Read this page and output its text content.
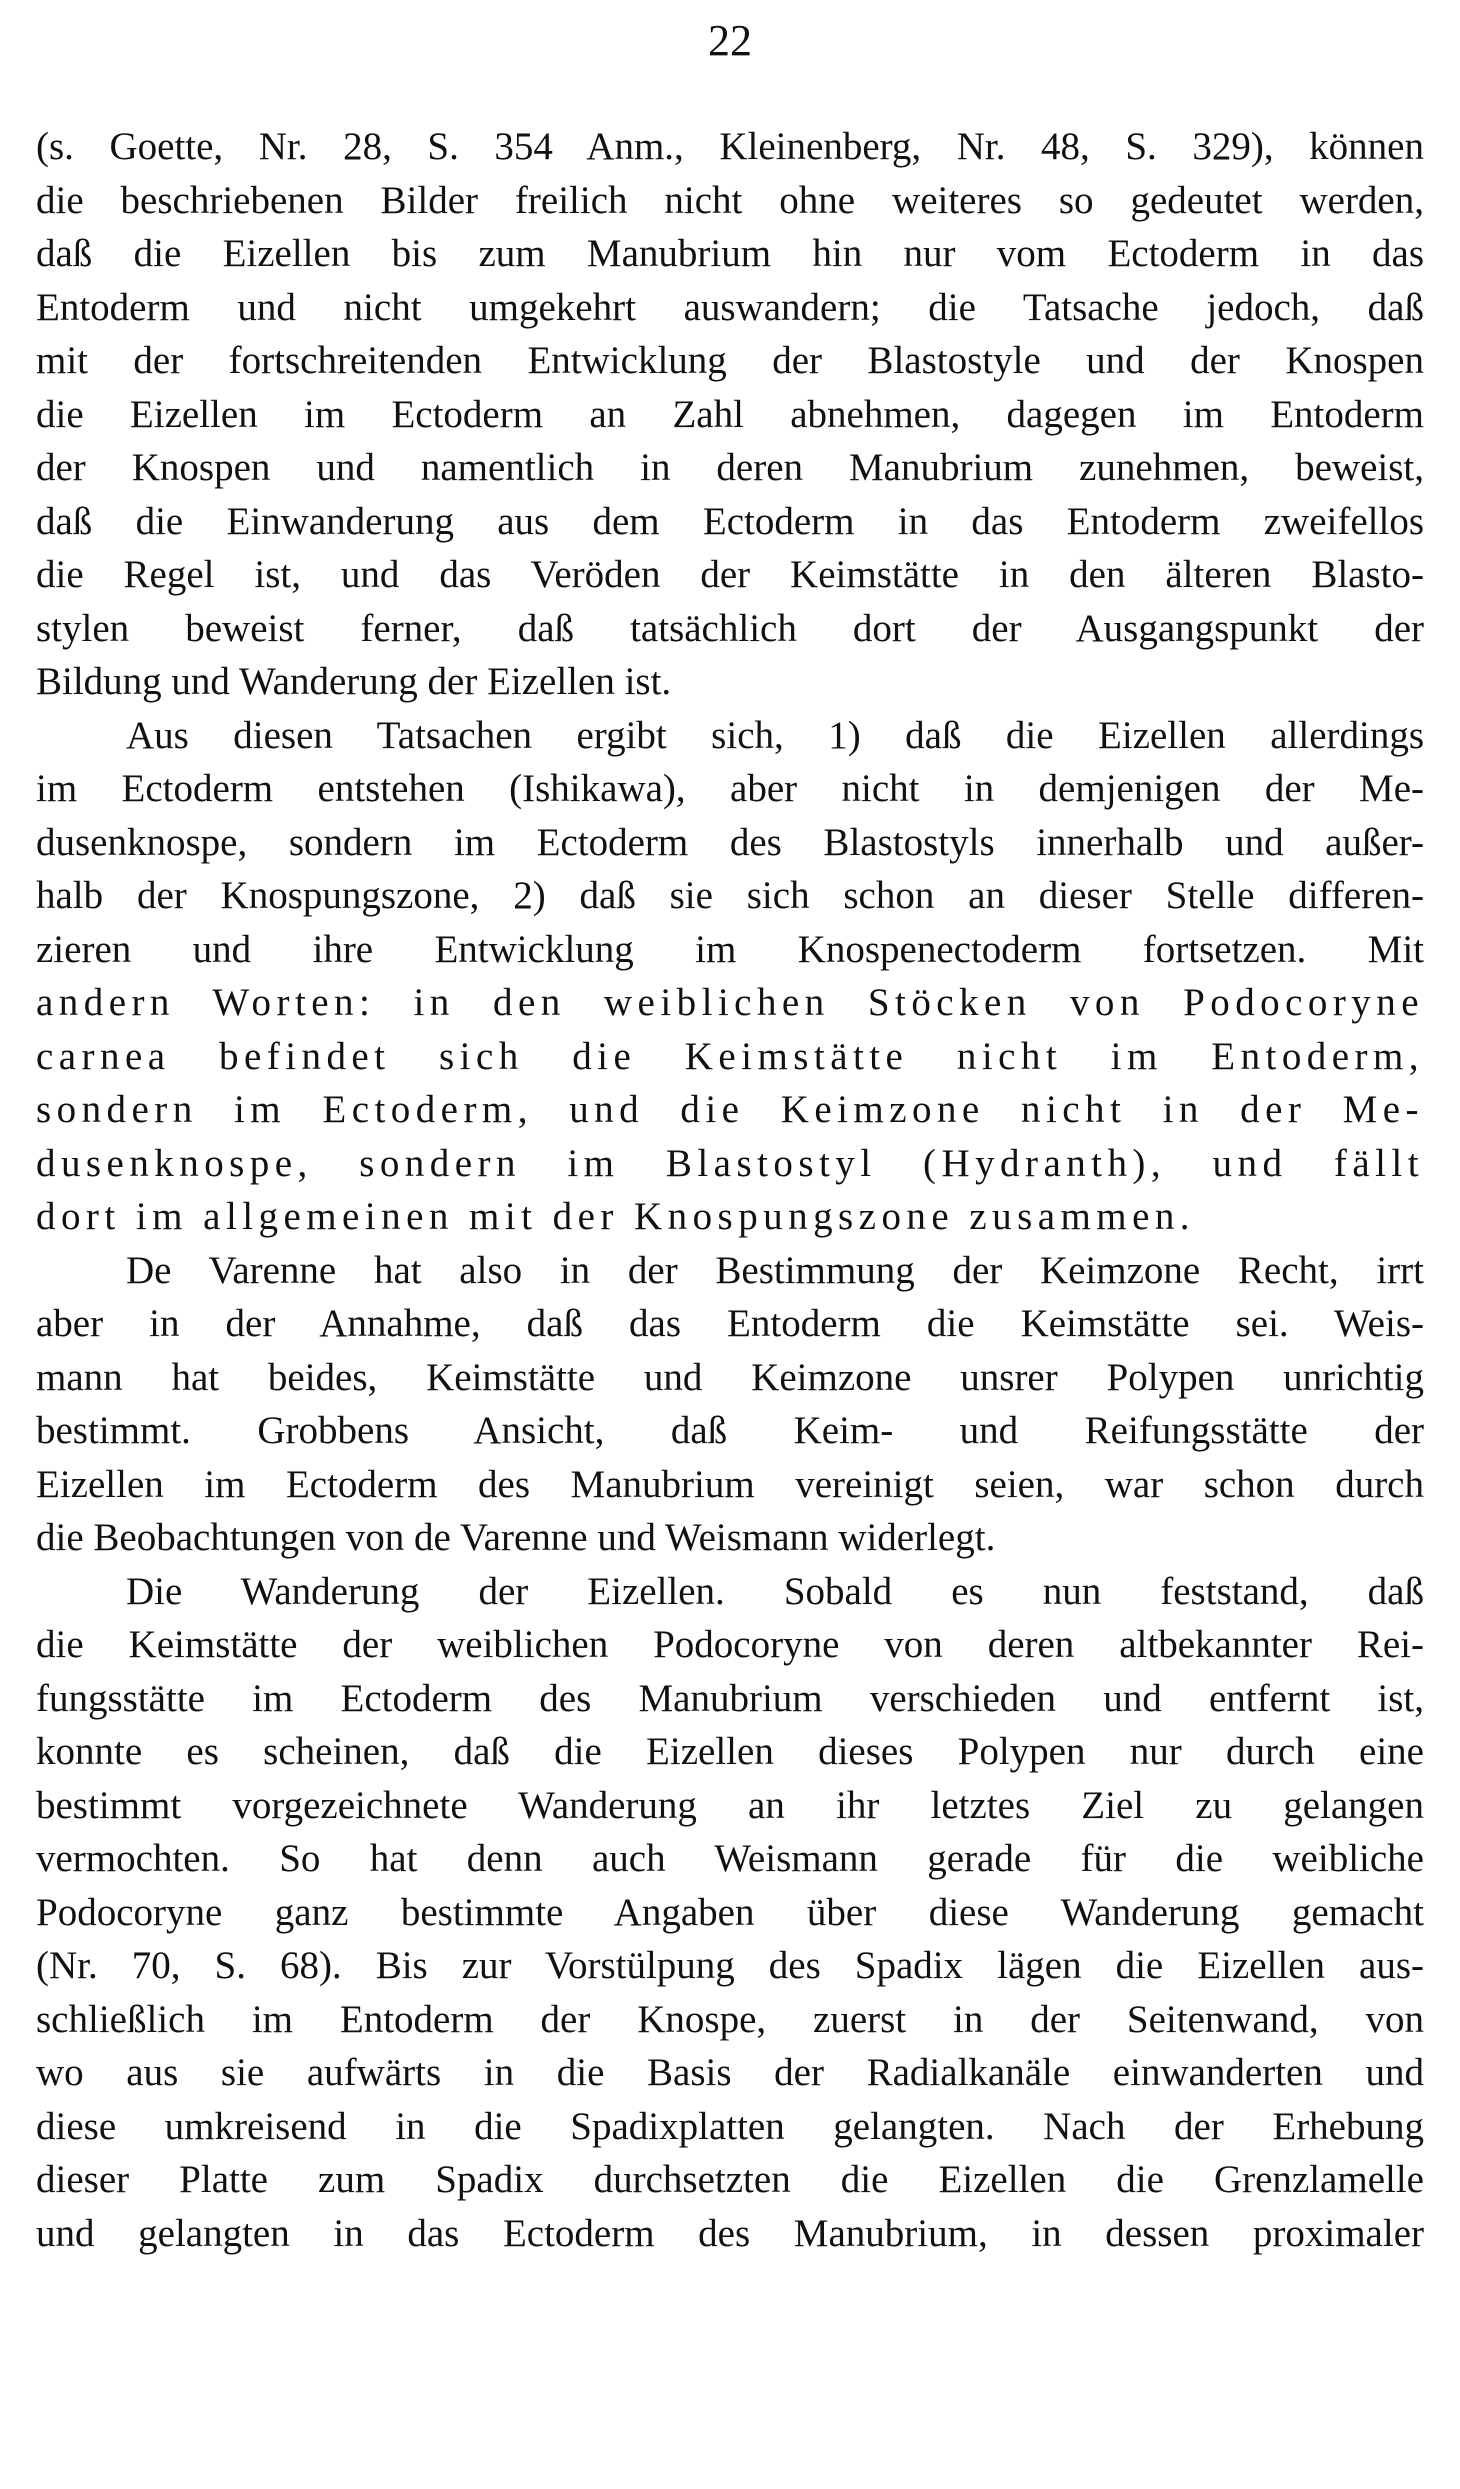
22
(s. Goette, Nr. 28, S. 354 Anm., Kleinenberg, Nr. 48, S. 329), können
die beschriebenen Bilder freilich nicht ohne weiteres so gedeutet werden,
daß die Eizellen bis zum Manubrium hin nur vom Ectoderm in das
Entoderm und nicht umgekehrt auswandern; die Tatsache jedoch, daß
mit der fortschreitenden Entwicklung der Blastostyle und der Knospen
die Eizellen im Ectoderm an Zahl abnehmen, dagegen im Entoderm
der Knospen und namentlich in deren Manubrium zunehmen, beweist,
daß die Einwanderung aus dem Ectoderm in das Entoderm zweifellos
die Regel ist, und das Veröden der Keimstätte in den älteren Blasto-
stylen beweist ferner, daß tatsächlich dort der Ausgangspunkt der
Bildung und Wanderung der Eizellen ist.
Aus diesen Tatsachen ergibt sich, 1) daß die Eizellen allerdings
im Ectoderm entstehen (Ishikawa), aber nicht in demjenigen der Me-
dusenknospe, sondern im Ectoderm des Blastostyls innerhalb und außer-
halb der Knospungszone, 2) daß sie sich schon an dieser Stelle differen-
zieren und ihre Entwicklung im Knospenectoderm fortsetzen. Mit
andern Worten: in den weiblichen Stöcken von Podocoryne
carnea befindet sich die Keimstätte nicht im Entoderm,
sondern im Ectoderm, und die Keimzone nicht in der Me-
dusenknospe, sondern im Blastostyl (Hydranth), und fällt
dort im allgemeinen mit der Knospungszone zusammen.
De Varenne hat also in der Bestimmung der Keimzone Recht, irrt
aber in der Annahme, daß das Entoderm die Keimstätte sei. Weis-
mann hat beides, Keimstätte und Keimzone unsrer Polypen unrichtig
bestimmt. Grobbens Ansicht, daß Keim- und Reifungsstätte der
Eizellen im Ectoderm des Manubrium vereinigt seien, war schon durch
die Beobachtungen von de Varenne und Weismann widerlegt.
Die Wanderung der Eizellen. Sobald es nun feststand, daß
die Keimstätte der weiblichen Podocoryne von deren altbekannter Rei-
fungsstätte im Ectoderm des Manubrium verschieden und entfernt ist,
konnte es scheinen, daß die Eizellen dieses Polypen nur durch eine
bestimmt vorgezeichnete Wanderung an ihr letztes Ziel zu gelangen
vermochten. So hat denn auch Weismann gerade für die weibliche
Podocoryne ganz bestimmte Angaben über diese Wanderung gemacht
(Nr. 70, S. 68). Bis zur Vorstülpung des Spadix lägen die Eizellen aus-
schließlich im Entoderm der Knospe, zuerst in der Seitenwand, von
wo aus sie aufwärts in die Basis der Radialkanäle einwanderten und
diese umkreisend in die Spadixplatten gelangten. Nach der Erhebung
dieser Platte zum Spadix durchsetzten die Eizellen die Grenzlamelle
und gelangten in das Ectoderm des Manubrium, in dessen proximaler
